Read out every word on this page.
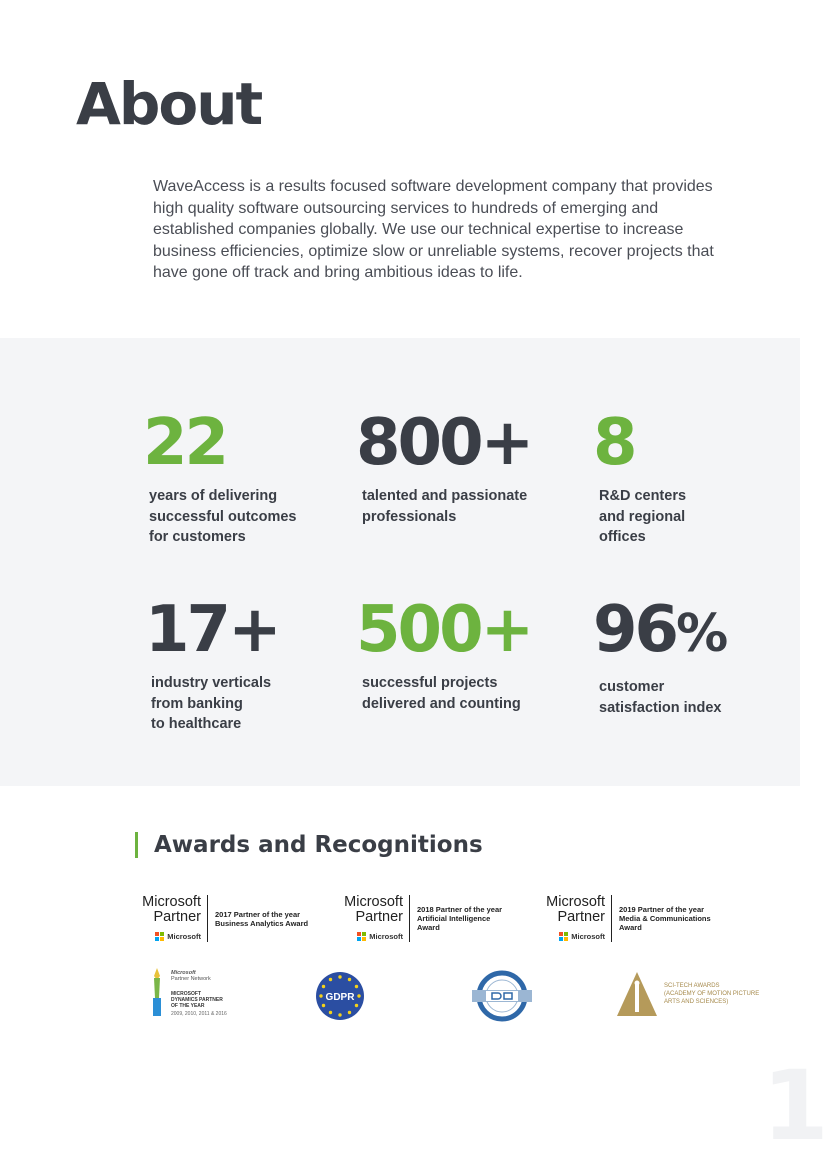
About

WaveAccess is a results focused software development company that provides high quality software outsourcing services to hundreds of emerging and established companies globally. We use our technical expertise to increase business efficiencies, optimize slow or unreliable systems, recover projects that have gone off track and bring ambitious ideas to life.

22
years of delivering
successful outcomes
for customers
800+
talented and passionate
professionals
8
R&D centers
and regional
offices
17+
industry verticals
from banking
to healthcare
500+
successful projects
delivered and counting
96%
customer
satisfaction index
Awards and Recognitions
Microsoft
Partner
Microsoft
2017 Partner of the year
Business Analytics Award
Microsoft
Partner
Microsoft
2018 Partner of the year
Artificial Intelligence
Award
Microsoft
Partner
Microsoft
2019 Partner of the year
Media & Communications
Award
Microsoft
Partner Network
MICROSOFT
DYNAMICS PARTNER
OF THE YEAR
2009, 2010, 2011 & 2016
GDPR
SCI-TECH AWARDS
(ACADEMY OF MOTION PICTURE
ARTS AND SCIENCES)
1
